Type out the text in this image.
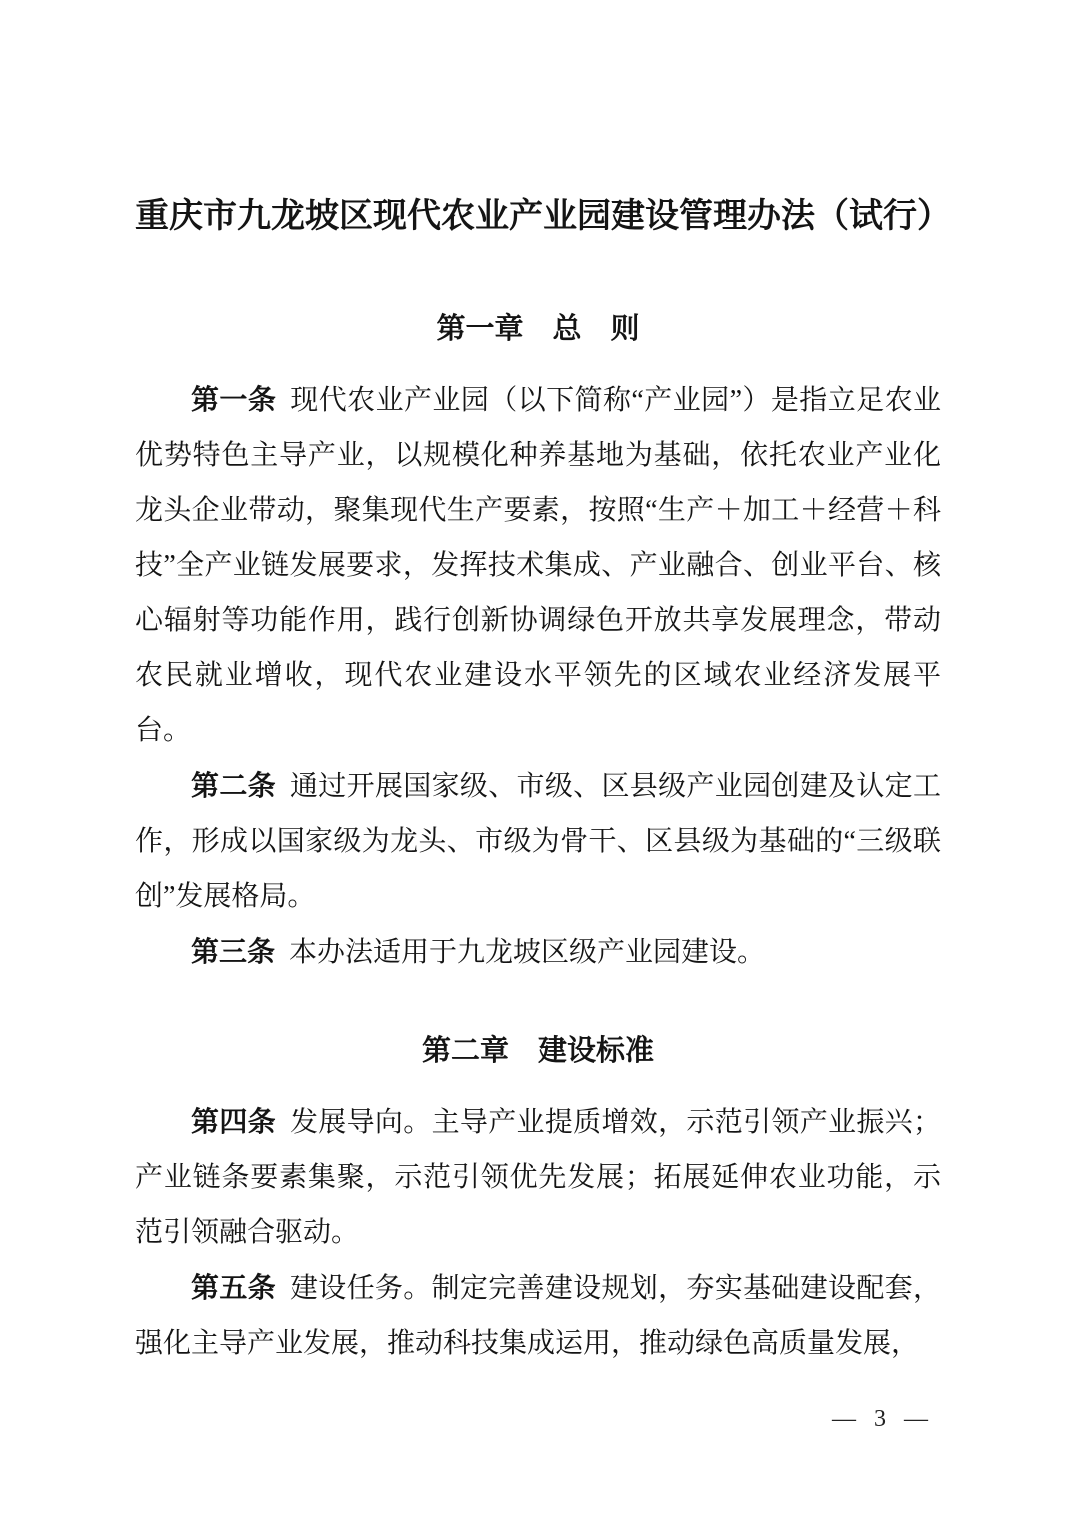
重庆市九龙坡区现代农业产业园建设管理办法（试行）
第一章　总　则

第一条 现代农业产业园（以下简称“产业园”）是指立足农业优势特色主导产业，以规模化种养基地为基础，依托农业产业化龙头企业带动，聚集现代生产要素，按照“生产＋加工＋经营＋科技”全产业链发展要求，发挥技术集成、产业融合、创业平台、核心辐射等功能作用，践行创新协调绿色开放共享发展理念，带动农民就业增收，现代农业建设水平领先的区域农业经济发展平台。

第二条 通过开展国家级、市级、区县级产业园创建及认定工作，形成以国家级为龙头、市级为骨干、区县级为基础的“三级联创”发展格局。

第三条 本办法适用于九龙坡区级产业园建设。

第二章　建设标准

第四条 发展导向。主导产业提质增效，示范引领产业振兴；产业链条要素集聚，示范引领优先发展；拓展延伸农业功能，示范引领融合驱动。

第五条 建设任务。制定完善建设规划，夯实基础建设配套，强化主导产业发展，推动科技集成运用，推动绿色高质量发展，

— 3 —
